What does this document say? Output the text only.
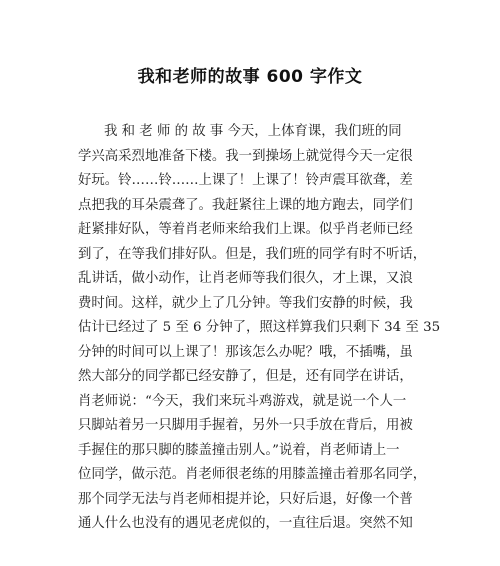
我和老师的故事 600 字作文
我 和 老 师 的 故 事 今天，上体育课，我们班的同
学兴高采烈地准备下楼。我一到操场上就觉得今天一定很
好玩。铃……铃……上课了！上课了！铃声震耳欲聋，差
点把我的耳朵震聋了。我赶紧往上课的地方跑去，同学们
赶紧排好队，等着肖老师来给我们上课。似乎肖老师已经
到了，在等我们排好队。但是，我们班的同学有时不听话，
乱讲话，做小动作，让肖老师等我们很久，才上课，又浪
费时间。这样，就少上了几分钟。等我们安静的时候，我
估计已经过了 5 至 6 分钟了，照这样算我们只剩下 34 至 35
分钟的时间可以上课了！那该怎么办呢？哦，不插嘴，虽
然大部分的同学都已经安静了，但是，还有同学在讲话，
肖老师说：“今天，我们来玩斗鸡游戏，就是说一个人一
只脚站着另一只脚用手握着，另外一只手放在背后，用被
手握住的那只脚的膝盖撞击别人。”说着，肖老师请上一
位同学，做示范。肖老师很老练的用膝盖撞击着那名同学，
那个同学无法与肖老师相提并论，只好后退，好像一个普
通人什么也没有的遇见老虎似的，一直往后退。突然不知
